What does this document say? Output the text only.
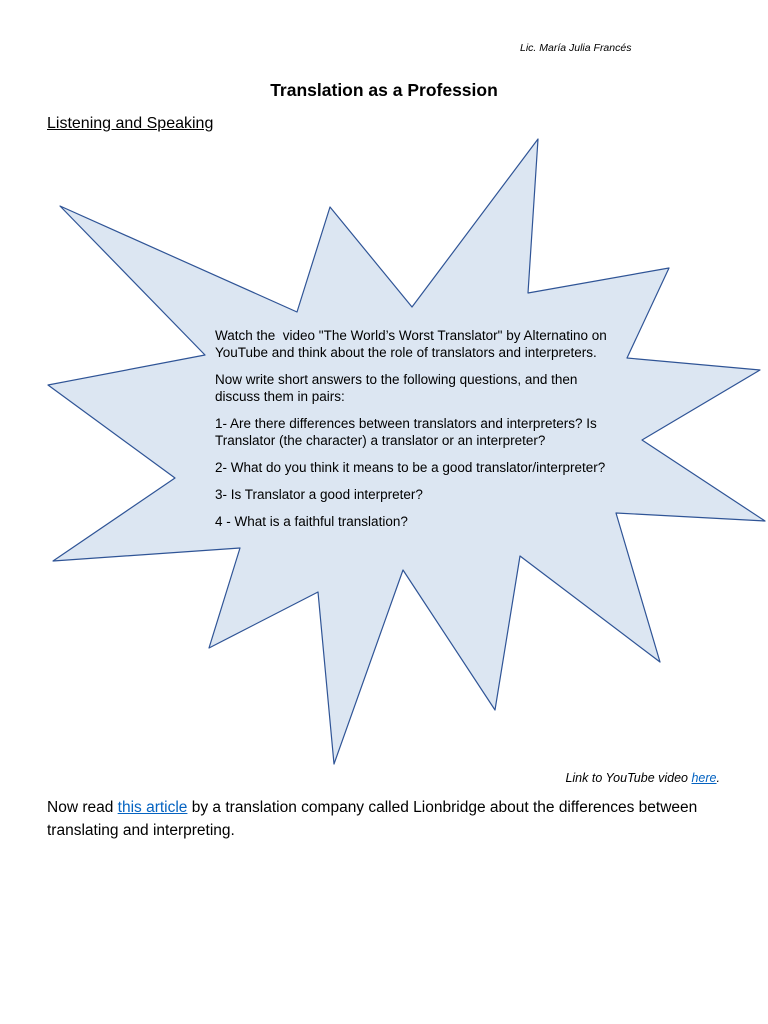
Lic. María Julia Francés
Translation as a Profession
Listening and Speaking

Watch the  video "The World’s Worst Translator" by Alternatino on
YouTube and think about the role of translators and interpreters.

Now write short answers to the following questions, and then
discuss them in pairs:

1- Are there differences between translators and interpreters? Is
Translator (the character) a translator or an interpreter?

2- What do you think it means to be a good translator/interpreter?

3- Is Translator a good interpreter?

4 - What is a faithful translation?

Link to YouTube video here.

Now read this article by a translation company called Lionbridge about the differences between
translating and interpreting.
